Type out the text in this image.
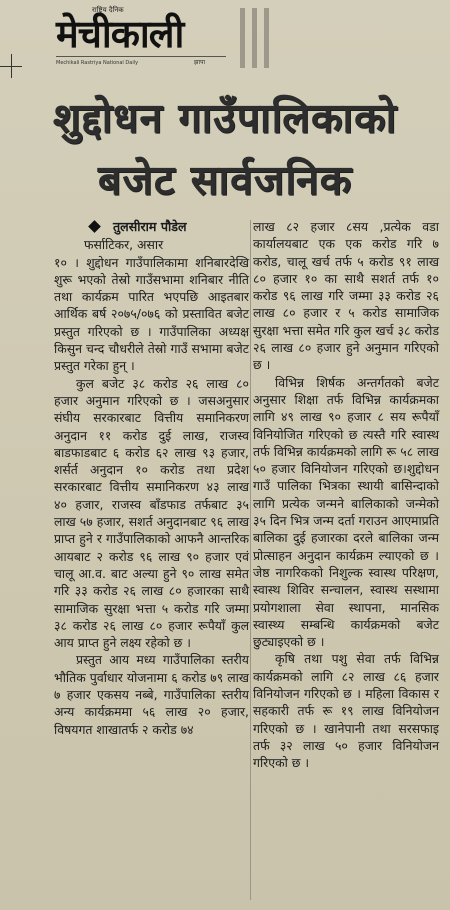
राष्ट्रिय दैनिक
मेचीकाली
Mechikali Rastriya National Daily	झापा
शुद्दोधन गाउँपालिकाको
बजेट सार्वजनिक
तुलसीराम पौडेल

फर्साटिकर, असार

१० । शुद्दोधन गाउँपालिकामा शनिबारदेखि शुरू भएको तेस्रो गाउँसभामा शनिबार नीति तथा कार्यक्रम पारित भएपछि आइतबार आर्थिक बर्ष २०७५/०७६ को प्रस्तावित बजेट प्रस्तुत गरिएको छ । गाउँपालिका अध्यक्ष किसुन चन्द चौधरीले तेस्रो गाउँ सभामा बजेट प्रस्तुत गरेका हुन् ।

कुल बजेट ३८ करोड २६ लाख ८० हजार अनुमान गरिएको छ । जसअनुसार संघीय सरकारबाट वित्तीय समानिकरण अनुदान ११ करोड दुई लाख, राजस्व बाडफाडबाट ६ करोड ६२ लाख ९३ हजार, शर्सर्त अनुदान १० करोड तथा प्रदेश सरकारबाट वित्तीय समानिकरण ४३ लाख ४० हजार, राजस्व बाँडफाड तर्फबाट ३५ लाख ५७ हजार, सशर्त अनुदानबाट ९६ लाख प्राप्त हुने र गाउँपालिकाको आफनै आन्तरिक आयबाट २ करोड ९६ लाख ९० हजार एवं चालू आ.व. बाट अल्या हुने ९० लाख समेत गरि ३३ करोड २६ लाख ८० हजारका साथै सामाजिक सुरक्षा भत्ता ५ करोड गरि जम्मा ३८ करोड २६ लाख ८० हजार रूपैयाँ कुल आय प्राप्त हुने लक्ष्य रहेको छ ।

प्रस्तुत आय मध्य गाउँपालिका स्तरीय भौतिक पुर्वाधार योजनामा ६ करोड ७९ लाख ७ हजार एकसय नब्बे, गाउँपालिका स्तरीय अन्य कार्यक्रममा ५६ लाख २० हजार, विषयगत शाखातर्फ २ करोड ७४

लाख ८२ हजार ८सय ,प्रत्येक वडा कार्यालयबाट एक एक करोड गरि ७ करोड, चालू खर्च तर्फ ५ करोड ९१ लाख ८० हजार १० का साथै सशर्त तर्फ १० करोड ९६ लाख गरि जम्मा ३३ करोड २६ लाख ८० हजार र ५ करोड सामाजिक सुरक्षा भत्ता समेत गरि कुल खर्च ३८ करोड २६ लाख ८० हजार हुने अनुमान गरिएको छ ।

विभिन्न शिर्षक अन्तर्गतको बजेट अनुसार शिक्षा तर्फ विभिन्न कार्यक्रमका लागि ४९ लाख ९० हजार ८ सय रूपैयाँ विनियोजित गरिएको छ त्यस्तै गरि स्वास्थ तर्फ विभिन्न कार्यक्रमको लागि रू ५८ लाख ५० हजार विनियोजन गरिएको छ।शुद्दोधन गाउँ पालिका भित्रका स्थायी बासिन्दाको लागि प्रत्येक जन्मने बालिकाको जन्मेको ३५ दिन भित्र जन्म दर्ता गराउन आएमाप्रति बालिका दुई हजारका दरले बालिका जन्म प्रोत्साहन अनुदान कार्यक्रम ल्याएको छ । जेष्ठ नागरिकको निशुल्क स्वास्थ परिक्षण, स्वास्थ शिविर सन्चालन, स्वास्थ सस्थामा प्रयोगशाला सेवा स्थापना, मानसिक स्वास्थ्य सम्बन्धि कार्यक्रमको बजेट छुट्याइएको छ ।

कृषि तथा पशु सेवा तर्फ विभिन्न कार्यक्रमको लागि ८२ लाख ८६ हजार विनियोजन गरिएको छ । महिला विकास र सहकारी तर्फ रू १९ लाख विनियोजन गरिएको छ । खानेपानी तथा सरसफाइ तर्फ ३२ लाख ५० हजार विनियोजन गरिएको छ ।
